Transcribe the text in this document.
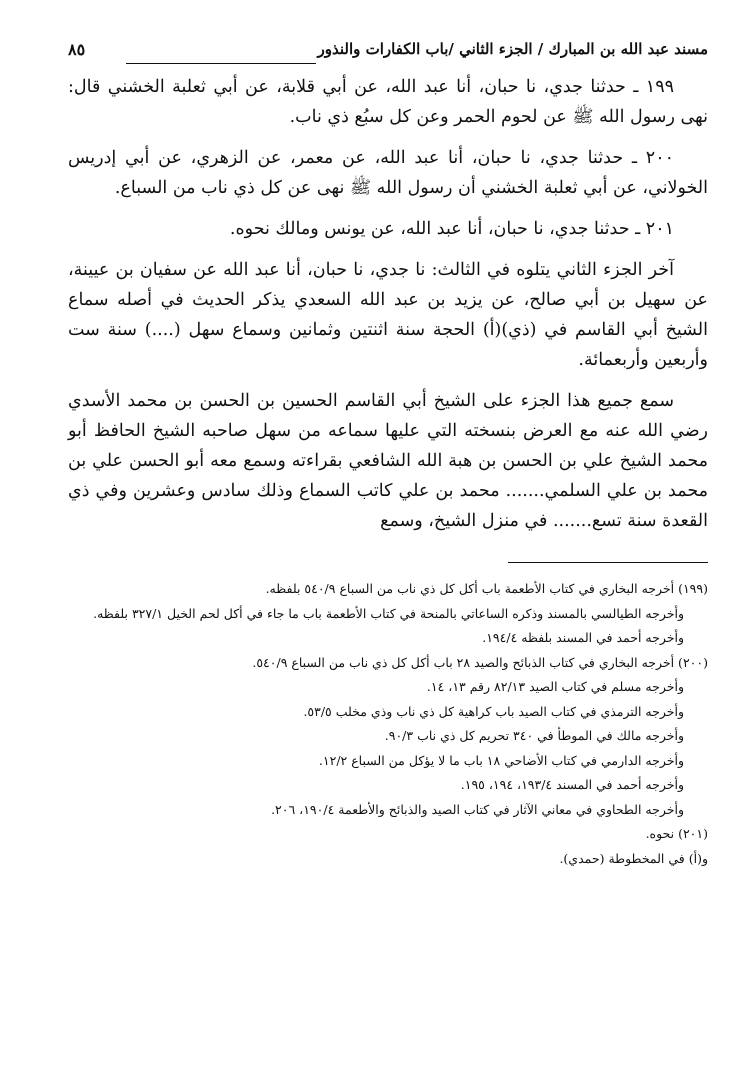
مسند عبد الله بن المبارك / الجزء الثاني /باب الكفارات والنذور
٨٥

١٩٩ ـ حدثنا جدي، نا حبان، أنا عبد الله، عن أبي قلابة، عن أبي ثعلبة الخشني قال: نهى رسول الله ﷺ عن لحوم الحمر وعن كل سبُع ذي ناب.

٢٠٠ ـ حدثنا جدي، نا حبان، أنا عبد الله، عن معمر، عن الزهري، عن أبي إدريس الخولاني، عن أبي ثعلبة الخشني أن رسول الله ﷺ نهى عن كل ذي ناب من السباع.

٢٠١ ـ حدثنا جدي، نا حبان، أنا عبد الله، عن يونس ومالك نحوه.

آخر الجزء الثاني يتلوه في الثالث: نا جدي، نا حبان، أنا عبد الله عن سفيان بن عيينة، عن سهيل بن أبي صالح، عن يزيد بن عبد الله السعدي يذكر الحديث في أصله سماع الشيخ أبي القاسم في (ذي)(أ) الحجة سنة اثنتين وثمانين وسماع سهل (....) سنة ست وأربعين وأربعمائة.

سمع جميع هذا الجزء على الشيخ أبي القاسم الحسين بن الحسن بن محمد الأسدي رضي الله عنه مع العرض بنسخته التي عليها سماعه من سهل صاحبه الشيخ الحافظ أبو محمد الشيخ علي بن الحسن بن هبة الله الشافعي بقراءته وسمع معه أبو الحسن علي بن محمد بن علي السلمي....... محمد بن علي كاتب السماع وذلك سادس وعشرين وفي ذي القعدة سنة تسع....... في منزل الشيخ، وسمع

(١٩٩) أخرجه البخاري في كتاب الأطعمة باب أكل كل ذي ناب من السباع ٥٤٠/٩ بلفظه.

وأخرجه الطيالسي بالمسند وذكره الساعاتي بالمنحة في كتاب الأطعمة باب ما جاء في أكل لحم الخيل ٣٢٧/١ بلفظه.

وأخرجه أحمد في المسند بلفظه ١٩٤/٤.

(٢٠٠) أخرجه البخاري في كتاب الذبائح والصيد ٢٨ باب أكل كل ذي ناب من السباع ٥٤٠/٩.

وأخرجه مسلم في كتاب الصيد ٨٢/١٣ رقم ١٣، ١٤.

وأخرجه الترمذي في كتاب الصيد باب كراهية كل ذي ناب وذي مخلب ٥٣/٥.

وأخرجه مالك في الموطأ في ٣٤٠ تحريم كل ذي ناب ٩٠/٣.

وأخرجه الدارمي في كتاب الأضاحي ١٨ باب ما لا يؤكل من السباع ١٢/٢.

وأخرجه أحمد في المسند ١٩٣/٤، ١٩٤، ١٩٥.

وأخرجه الطحاوي في معاني الآثار في كتاب الصيد والذبائح والأطعمة ١٩٠/٤، ٢٠٦.

(٢٠١) نحوه.

و(أ) في المخطوطة (حمدي).
